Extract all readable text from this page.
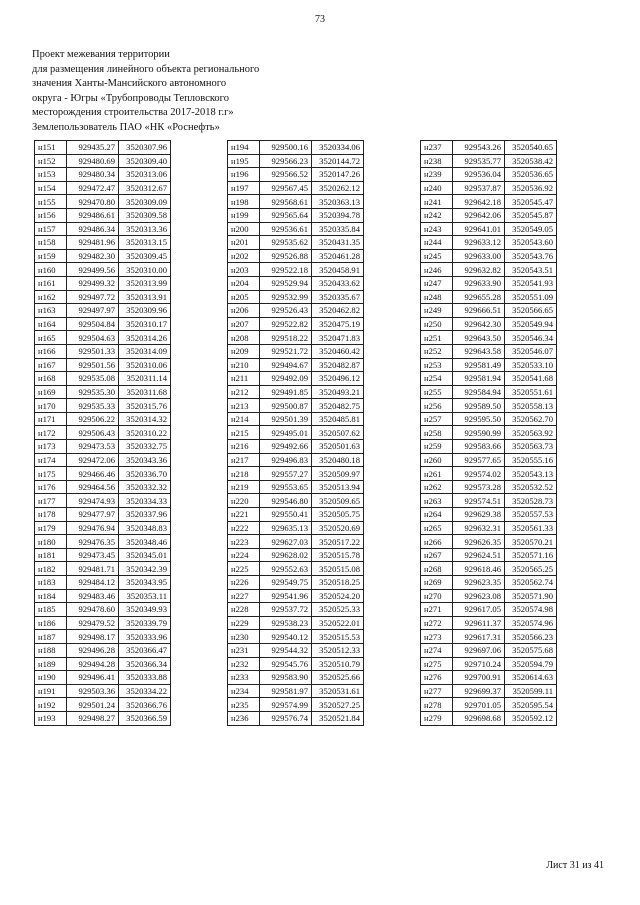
73
Проект межевания территории
для размещения линейного объекта регионального
значения Ханты-Мансийского автономного
округа - Югры «Трубопроводы Тепловского
месторождения строительства 2017-2018 г.г»
Землепользователь ПАО «НК «Роснефть»
н151	929435.27	3520307.96
н152	929480.69	3520309.40
н153	929480.34	3520313.06
н154	929472.47	3520312.67
н155	929470.80	3520309.09
н156	929486.61	3520309.58
н157	929486.34	3520313.36
н158	929481.96	3520313.15
н159	929482.30	3520309.45
н160	929499.56	3520310.00
н161	929499.32	3520313.99
н162	929497.72	3520313.91
н163	929497.97	3520309.96
н164	929504.84	3520310.17
н165	929504.63	3520314.26
н166	929501.33	3520314.09
н167	929501.56	3520310.06
н168	929535.08	3520311.14
н169	929535.30	3520311.68
н170	929535.33	3520315.76
н171	929506.22	3520314.32
н172	929506.43	3520310.22
н173	929473.53	3520332.75
н174	929472.06	3520343.36
н175	929466.46	3520336.70
н176	929464.56	3520332.32
н177	929474.93	3520334.33
н178	929477.97	3520337.96
н179	929476.94	3520348.83
н180	929476.35	3520348.46
н181	929473.45	3520345.01
н182	929481.71	3520342.39
н183	929484.12	3520343.95
н184	929483.46	3520353.11
н185	929478.60	3520349.93
н186	929479.52	3520339.79
н187	929498.17	3520333.96
н188	929496.28	3520366.47
н189	929494.28	3520366.34
н190	929496.41	3520333.88
н191	929503.36	3520334.22
н192	929501.24	3520366.76
н193	929498.27	3520366.59
н194	929500.16	3520334.06
н195	929566.23	3520144.72
н196	929566.52	3520147.26
н197	929567.45	3520262.12
н198	929568.61	3520363.13
н199	929565.64	3520394.78
н200	929536.61	3520335.84
н201	929535.62	3520431.35
н202	929526.88	3520461.28
н203	929522.18	3520458.91
н204	929529.94	3520433.62
н205	929532.99	3520335.67
н206	929526.43	3520462.82
н207	929522.82	3520475.19
н208	929518.22	3520471.83
н209	929521.72	3520460.42
н210	929494.67	3520482.87
н211	929492.09	3520496.12
н212	929491.85	3520493.21
н213	929500.87	3520482.75
н214	929501.39	3520485.81
н215	929495.01	3520507.62
н216	929492.66	3520501.63
н217	929496.83	3520480.18
н218	929557.27	3520509.97
н219	929553.65	3520513.94
н220	929546.80	3520509.65
н221	929550.41	3520505.75
н222	929635.13	3520520.69
н223	929627.03	3520517.22
н224	929628.02	3520515.78
н225	929552.63	3520515.08
н226	929549.75	3520518.25
н227	929541.96	3520524.20
н228	929537.72	3520525.33
н229	929538.23	3520522.01
н230	929540.12	3520515.53
н231	929544.32	3520512.33
н232	929545.76	3520510.79
н233	929583.90	3520525.66
н234	929581.97	3520531.61
н235	929574.99	3520527.25
н236	929576.74	3520521.84
н237	929543.26	3520540.65
н238	929535.77	3520538.42
н239	929536.04	3520536.65
н240	929537.87	3520536.92
н241	929642.18	3520545.47
н242	929642.06	3520545.87
н243	929641.01	3520549.05
н244	929633.12	3520543.60
н245	929633.00	3520543.76
н246	929632.82	3520543.51
н247	929633.90	3520541.93
н248	929655.28	3520551.09
н249	929666.51	3520566.65
н250	929642.30	3520549.94
н251	929643.50	3520546.34
н252	929643.58	3520546.07
н253	929581.49	3520533.10
н254	929581.94	3520541.68
н255	929584.94	3520551.61
н256	929589.50	3520558.13
н257	929595.50	3520562.70
н258	929590.99	3520563.92
н259	929583.66	3520563.73
н260	929577.65	3520555.16
н261	929574.02	3520543.13
н262	929573.28	3520532.52
н263	929574.51	3520528.73
н264	929629.38	3520557.53
н265	929632.31	3520561.33
н266	929626.35	3520570.21
н267	929624.51	3520571.16
н268	929618.46	3520565.25
н269	929623.35	3520562.74
н270	929623.08	3520571.90
н271	929617.05	3520574.98
н272	929611.37	3520574.96
н273	929617.31	3520566.23
н274	929697.06	3520575.68
н275	929710.24	3520594.79
н276	929700.91	3520614.63
н277	929699.37	3520599.11
н278	929701.05	3520595.54
н279	929698.68	3520592.12
Лист 31 из 41
